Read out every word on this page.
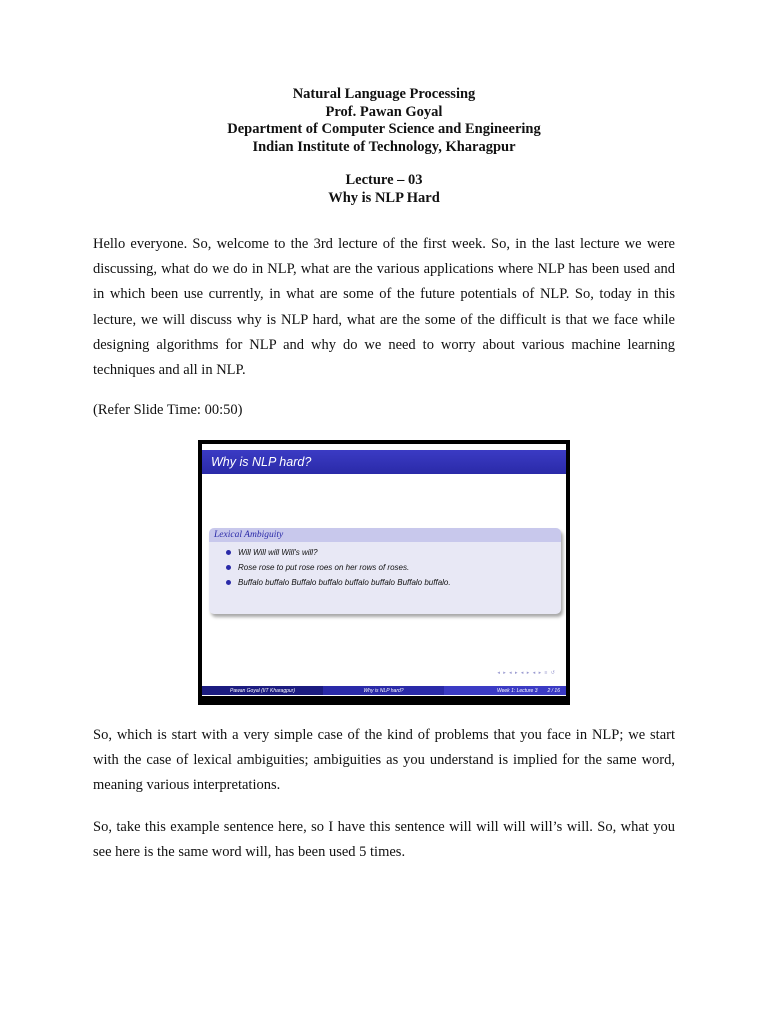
Natural Language Processing
Prof. Pawan Goyal
Department of Computer Science and Engineering
Indian Institute of Technology, Kharagpur
Lecture – 03
Why is NLP Hard
Hello everyone. So, welcome to the 3rd lecture of the first week. So, in the last lecture we were discussing, what do we do in NLP, what are the various applications where NLP has been used and in which been use currently, in what are some of the future potentials of NLP. So, today in this lecture, we will discuss why is NLP hard, what are the some of the difficult is that we face while designing algorithms for NLP and why do we need to worry about various machine learning techniques and all in NLP.
(Refer Slide Time: 00:50)
Why is NLP hard?
Lexical Ambiguity
Will Will will Will's will?
Rose rose to put rose roes on her rows of roses.
Buffalo buffalo Buffalo buffalo buffalo buffalo Buffalo buffalo.
◂ ▸ ◂ ▸ ◂ ▸ ◂ ▸ ≡ ↺
Pawan Goyal (IIT Kharagpur)	Why is NLP hard?	Week 1: Lecture 3 2 / 16
So, which is start with a very simple case of the kind of problems that you face in NLP; we start with the case of lexical ambiguities; ambiguities as you understand is implied for the same word, meaning various interpretations.
So, take this example sentence here, so I have this sentence will will will will’s will. So, what you see here is the same word will, has been used 5 times.
